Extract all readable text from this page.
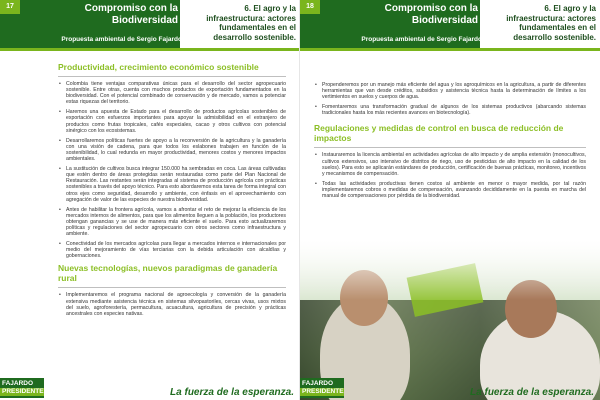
17	Compromiso con la Biodiversidad
Propuesta ambiental de Sergio Fajardo
6. El agro y la infraestructura: actores fundamentales en el desarrollo sostenible.
Productividad, crecimiento económico sostenible
• Colombia tiene ventajas comparativas únicas para el desarrollo del sector agropecuario sostenible. Entre otras, cuenta con muchos productos de exportación fundamentados en la biodiversidad. Con el potencial combinado de conservación y de mercado, vamos a potenciar estas riquezas del territorio.
• Haremos una apuesta de Estado para el desarrollo de productos agrícolas sostenibles de exportación con esfuerzos importantes para apoyar la admisibilidad en el extranjero de productos como frutas tropicales, cafés especiales, cacao y otros cultivos con potencial sinérgico con los ecosistemas.
• Desarrollaremos políticas fuertes de apoyo a la reconversión de la agricultura y la ganadería con una visión de cadena, para que todos los eslabones trabajen en función de la sostenibilidad, lo cual redunda en mayor productividad, menores costos y menores impactos ambientales.
• La sustitución de cultivos busca integrar 150.000 ha sembradas en coca. Las áreas cultivadas que estén dentro de áreas protegidas serán restauradas como parte del Plan Nacional de Restauración. Las restantes serán integradas al sistema de producción agrícola con prácticas sostenibles a través del apoyo técnico. Para esto abordaremos esta tarea de forma integral con otros ejes como seguridad, desarrollo y ambiente, con énfasis en el aprovechamiento con agregación de valor de las especies de nuestra biodiversidad.
• Antes de habilitar la frontera agrícola, vamos a afrontar el reto de mejorar la eficiencia de los mercados internos de alimentos, para que los alimentos lleguen a la población, los productores obtengan ganancias y se use de manera más eficiente el suelo. Para esto actualizaremos políticas y regulaciones del sector agropecuario con otros sectores como infraestructura y ambiente.
• Conectividad de los mercados agrícolas para llegar a mercados internos e internacionales por medio del mejoramiento de vías terciarias con la debida articulación con alcaldías y gobernaciones.
Nuevas tecnologías, nuevos paradigmas de ganadería rural
• Implementaremos el programa nacional de agroecología y conversión de la ganadería extensiva mediante asistencia técnica en sistemas silvopastoriles, cercas vivas, usos mixtos del suelo, agroforestería, permacultura, acuacultura, agricultura de precisión y prácticas ancestrales con especies nativas.
FAJARDO
PRESIDENTE	La fuerza de la esperanza.
18	Compromiso con la Biodiversidad
Propuesta ambiental de Sergio Fajardo
6. El agro y la infraestructura: actores fundamentales en el desarrollo sostenible.
• Propenderemos por un manejo más eficiente del agua y los agroquímicos en la agricultura, a partir de diferentes herramientas que van desde créditos, subsidios y asistencia técnica hasta la determinación de límites a los vertimientos en suelos y cuerpos de agua.
• Fomentaremos una transformación gradual de algunos de los sistemas productivos (abarcando sistemas tradicionales hasta los más recientes avances en biotecnología).
Regulaciones y medidas de control en busca de reducción de impactos
• Instauraremos la licencia ambiental en actividades agrícolas de alto impacto y de amplia extensión (monocultivos, cultivos extensivos, uso intensivo de distritos de riego, uso de pesticidas de alto impacto en la calidad de los suelos). Para esto se aplicarán estándares de producción, certificación de buenas prácticas, monitoreo, incentivos y mecanismos de compensación.
• Todas las actividades productivas tienen costos al ambiente en menor o mayor medida, por tal razón implementaremos cobros o medidas de compensación, avanzando decididamente en la puesta en marcha del manual de compensaciones por pérdida de la biodiversidad.
FAJARDO
PRESIDENTE	La fuerza de la esperanza.
